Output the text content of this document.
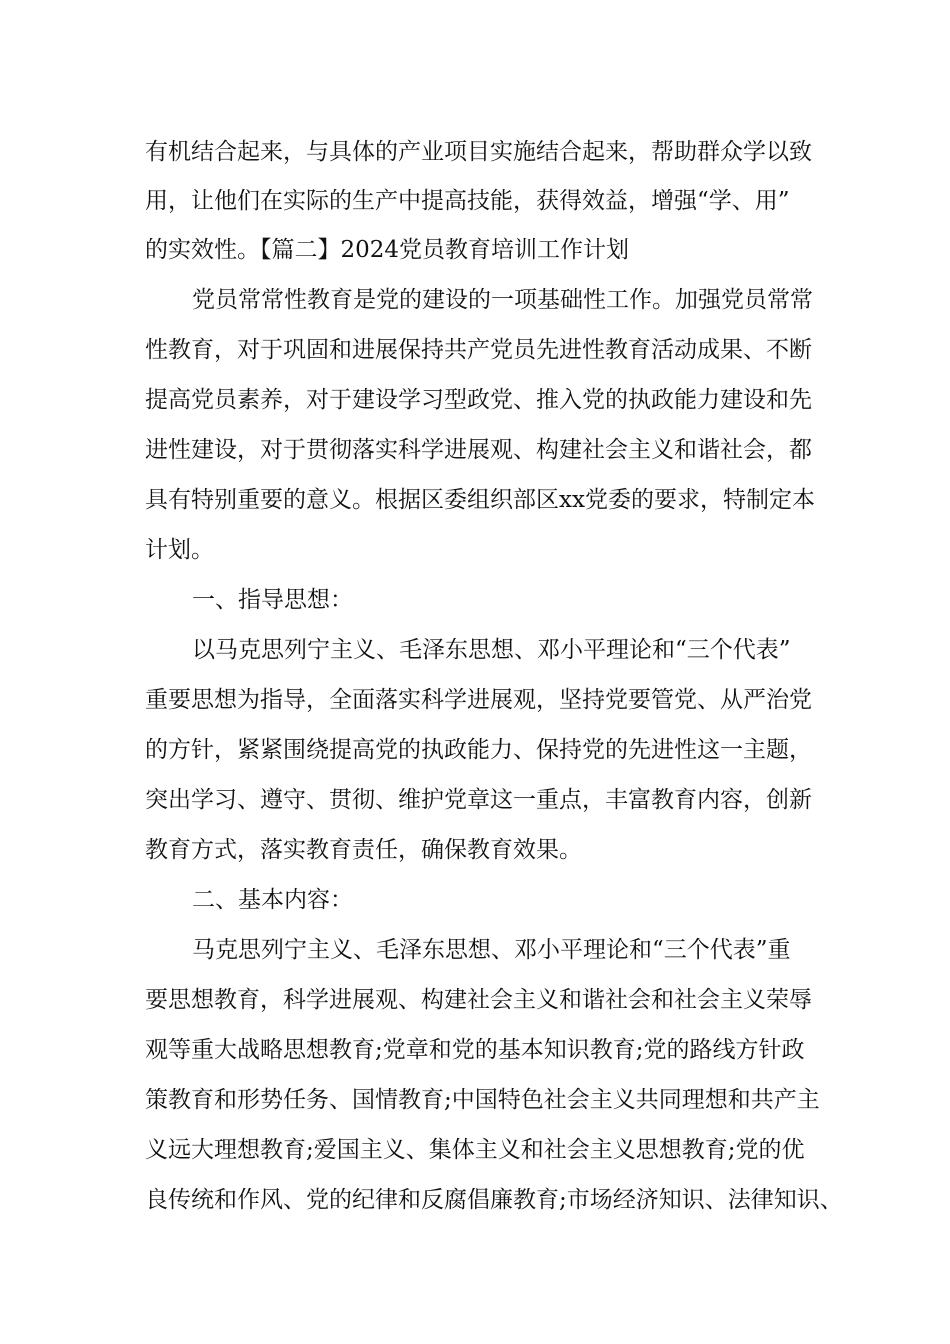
有机结合起来，与具体的产业项目实施结合起来，帮助群众学以致

用，让他们在实际的生产中提高技能，获得效益，增强“学、用”

的实效性。【篇二】2024党员教育培训工作计划

党员常常性教育是党的建设的一项基础性工作。加强党员常常

性教育，对于巩固和进展保持共产党员先进性教育活动成果、不断

提高党员素养，对于建设学习型政党、推入党的执政能力建设和先

进性建设，对于贯彻落实科学进展观、构建社会主义和谐社会，都

具有特别重要的意义。根据区委组织部区xx党委的要求，特制定本

计划。

一、指导思想：

以马克思列宁主义、毛泽东思想、邓小平理论和“三个代表”

重要思想为指导，全面落实科学进展观，坚持党要管党、从严治党

的方针，紧紧围绕提高党的执政能力、保持党的先进性这一主题，

突出学习、遵守、贯彻、维护党章这一重点，丰富教育内容，创新

教育方式，落实教育责任，确保教育效果。

二、基本内容：

马克思列宁主义、毛泽东思想、邓小平理论和“三个代表”重

要思想教育，科学进展观、构建社会主义和谐社会和社会主义荣辱

观等重大战略思想教育;党章和党的基本知识教育;党的路线方针政

策教育和形势任务、国情教育;中国特色社会主义共同理想和共产主

义远大理想教育;爱国主义、集体主义和社会主义思想教育;党的优

良传统和作风、党的纪律和反腐倡廉教育;市场经济知识、法律知识、
